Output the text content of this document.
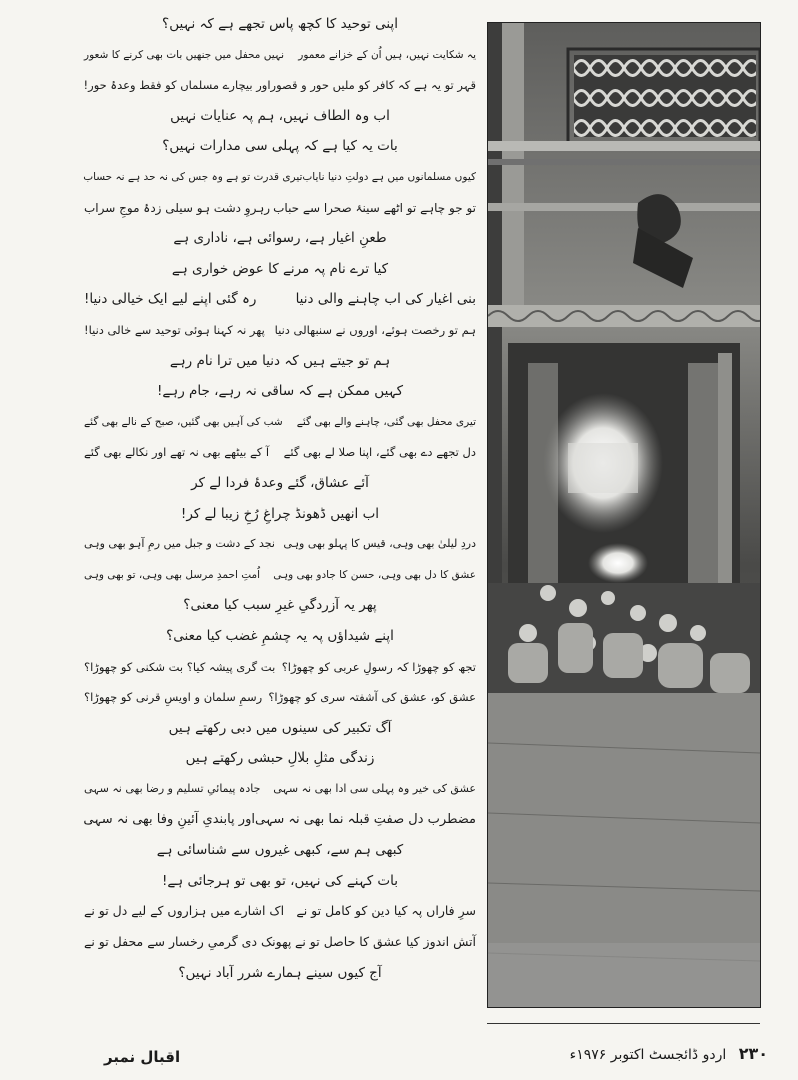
اپنی توحید کا کچھ پاس تجھے ہے کہ نہیں؟
یہ شکایت نہیں، ہیں اُن کے خزانے معمور
نہیں محفل میں جنھیں بات بھی کرنے کا شعور
قہر تو یہ ہے کہ کافر کو ملیں حور و قصور
اور بیچارے مسلماں کو فقط وعدۂ حور!
اب وہ الطاف نہیں، ہم پہ عنایات نہیں
بات یہ کیا ہے کہ پہلی سی مدارات نہیں؟
کیوں مسلمانوں میں ہے دولتِ دنیا نایاب
تیری قدرت تو ہے وہ جس کی نہ حد ہے نہ حساب
تو جو چاہے تو اٹھے سینۂ صحرا سے حباب
رہروِ دشت ہو سیلی زدۂ موجِ سراب
طعنِ اغیار ہے، رسوائی ہے، ناداری ہے
کیا ترے نام پہ مرنے کا عوض خواری ہے
بنی اغیار کی اب چاہنے والی دنیا
رہ گئی اپنے لیے ایک خیالی دنیا!
ہم تو رخصت ہوئے، اوروں نے سنبھالی دنیا
پھر نہ کہنا ہوئی توحید سے خالی دنیا!
ہم تو جیتے ہیں کہ دنیا میں ترا نام رہے
کہیں ممکن ہے کہ ساقی نہ رہے، جام رہے!
تیری محفل بھی گئی، چاہنے والے بھی گئے
شب کی آہیں بھی گئیں، صبح کے نالے بھی گئے
دل تجھے دے بھی گئے، اپنا صلا لے بھی گئے
آ کے بیٹھے بھی نہ تھے اور نکالے بھی گئے
آئے عشاق، گئے وعدۂ فردا لے کر
اب انھیں ڈھونڈ چراغِ رُخِ زیبا لے کر!
دردِ لیلیٰ بھی وہی، قیس کا پہلو بھی وہی
نجد کے دشت و جبل میں رمِ آہو بھی وہی
عشق کا دل بھی وہی، حسن کا جادو بھی وہی
اُمتِ احمدِ مرسل بھی وہی، تو بھی وہی
پھر یہ آزردگیِ غیرِ سبب کیا معنی؟
اپنے شیداؤں پہ یہ چشمِ غضب کیا معنی؟
تجھ کو چھوڑا کہ رسولِ عربی کو چھوڑا؟
بت گری پیشہ کیا؟ بت شکنی کو چھوڑا؟
عشق کو، عشق کی آشفتہ سری کو چھوڑا؟
رسمِ سلمان و اویسِ قرنی کو چھوڑا؟
آگ تکبیر کی سینوں میں دبی رکھتے ہیں
زندگی مثلِ بلالِ حبشی رکھتے ہیں
عشق کی خیر وہ پہلی سی ادا بھی نہ سہی
جادہ پیمائیِ تسلیم و رضا بھی نہ سہی
مضطرب دل صفتِ قبلہ نما بھی نہ سہی
اور پابندیِ آئینِ وفا بھی نہ سہی
کبھی ہم سے، کبھی غیروں سے شناسائی ہے
بات کہنے کی نہیں، تو بھی تو ہرجائی ہے!
سرِ فاراں پہ کیا دین کو کامل تو نے
اک اشارے میں ہزاروں کے لیے دل تو نے
آتش اندوز کیا عشق کا حاصل تو نے
پھونک دی گرمیِ رخسار سے محفل تو نے
آج کیوں سینے ہمارے شرر آباد نہیں؟
اقبال نمبر	۲۳۰ اردو ڈائجسٹ اکتوبر ۱۹۷۶ء
